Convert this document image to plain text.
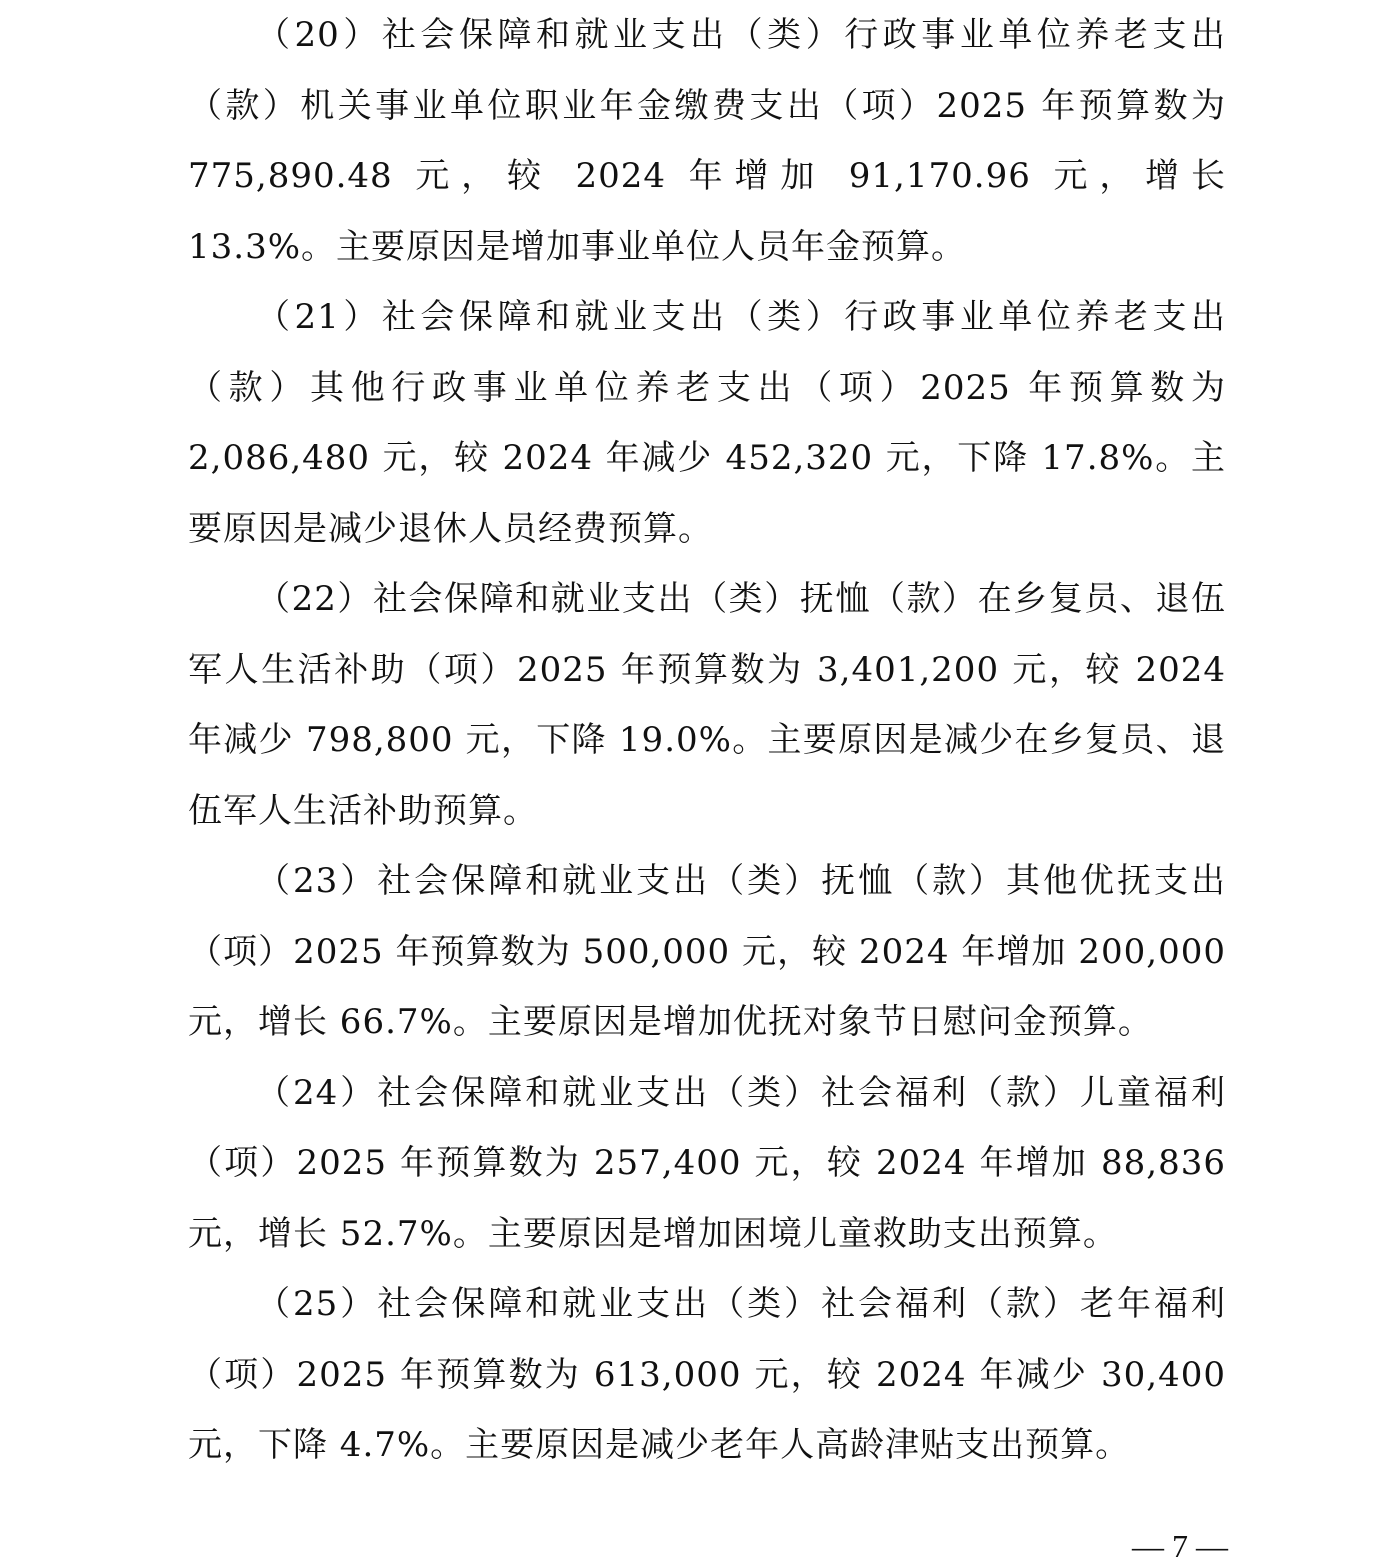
（20）社会保障和就业支出（类）行政事业单位养老支出（款）机关事业单位职业年金缴费支出（项）2025 年预算数为 775,890.48 元，较 2024 年增加 91,170.96 元，增长 13.3%。主要原因是增加事业单位人员年金预算。

（21）社会保障和就业支出（类）行政事业单位养老支出（款）其他行政事业单位养老支出（项）2025 年预算数为 2,086,480 元，较 2024 年减少 452,320 元，下降 17.8%。主要原因是减少退休人员经费预算。

（22）社会保障和就业支出（类）抚恤（款）在乡复员、退伍军人生活补助（项）2025 年预算数为 3,401,200 元，较 2024 年减少 798,800 元，下降 19.0%。主要原因是减少在乡复员、退伍军人生活补助预算。

（23）社会保障和就业支出（类）抚恤（款）其他优抚支出（项）2025 年预算数为 500,000 元，较 2024 年增加 200,000 元，增长 66.7%。主要原因是增加优抚对象节日慰问金预算。

（24）社会保障和就业支出（类）社会福利（款）儿童福利（项）2025 年预算数为 257,400 元，较 2024 年增加 88,836 元，增长 52.7%。主要原因是增加困境儿童救助支出预算。

（25）社会保障和就业支出（类）社会福利（款）老年福利（项）2025 年预算数为 613,000 元，较 2024 年减少 30,400 元，下降 4.7%。主要原因是减少老年人高龄津贴支出预算。

— 7 —
